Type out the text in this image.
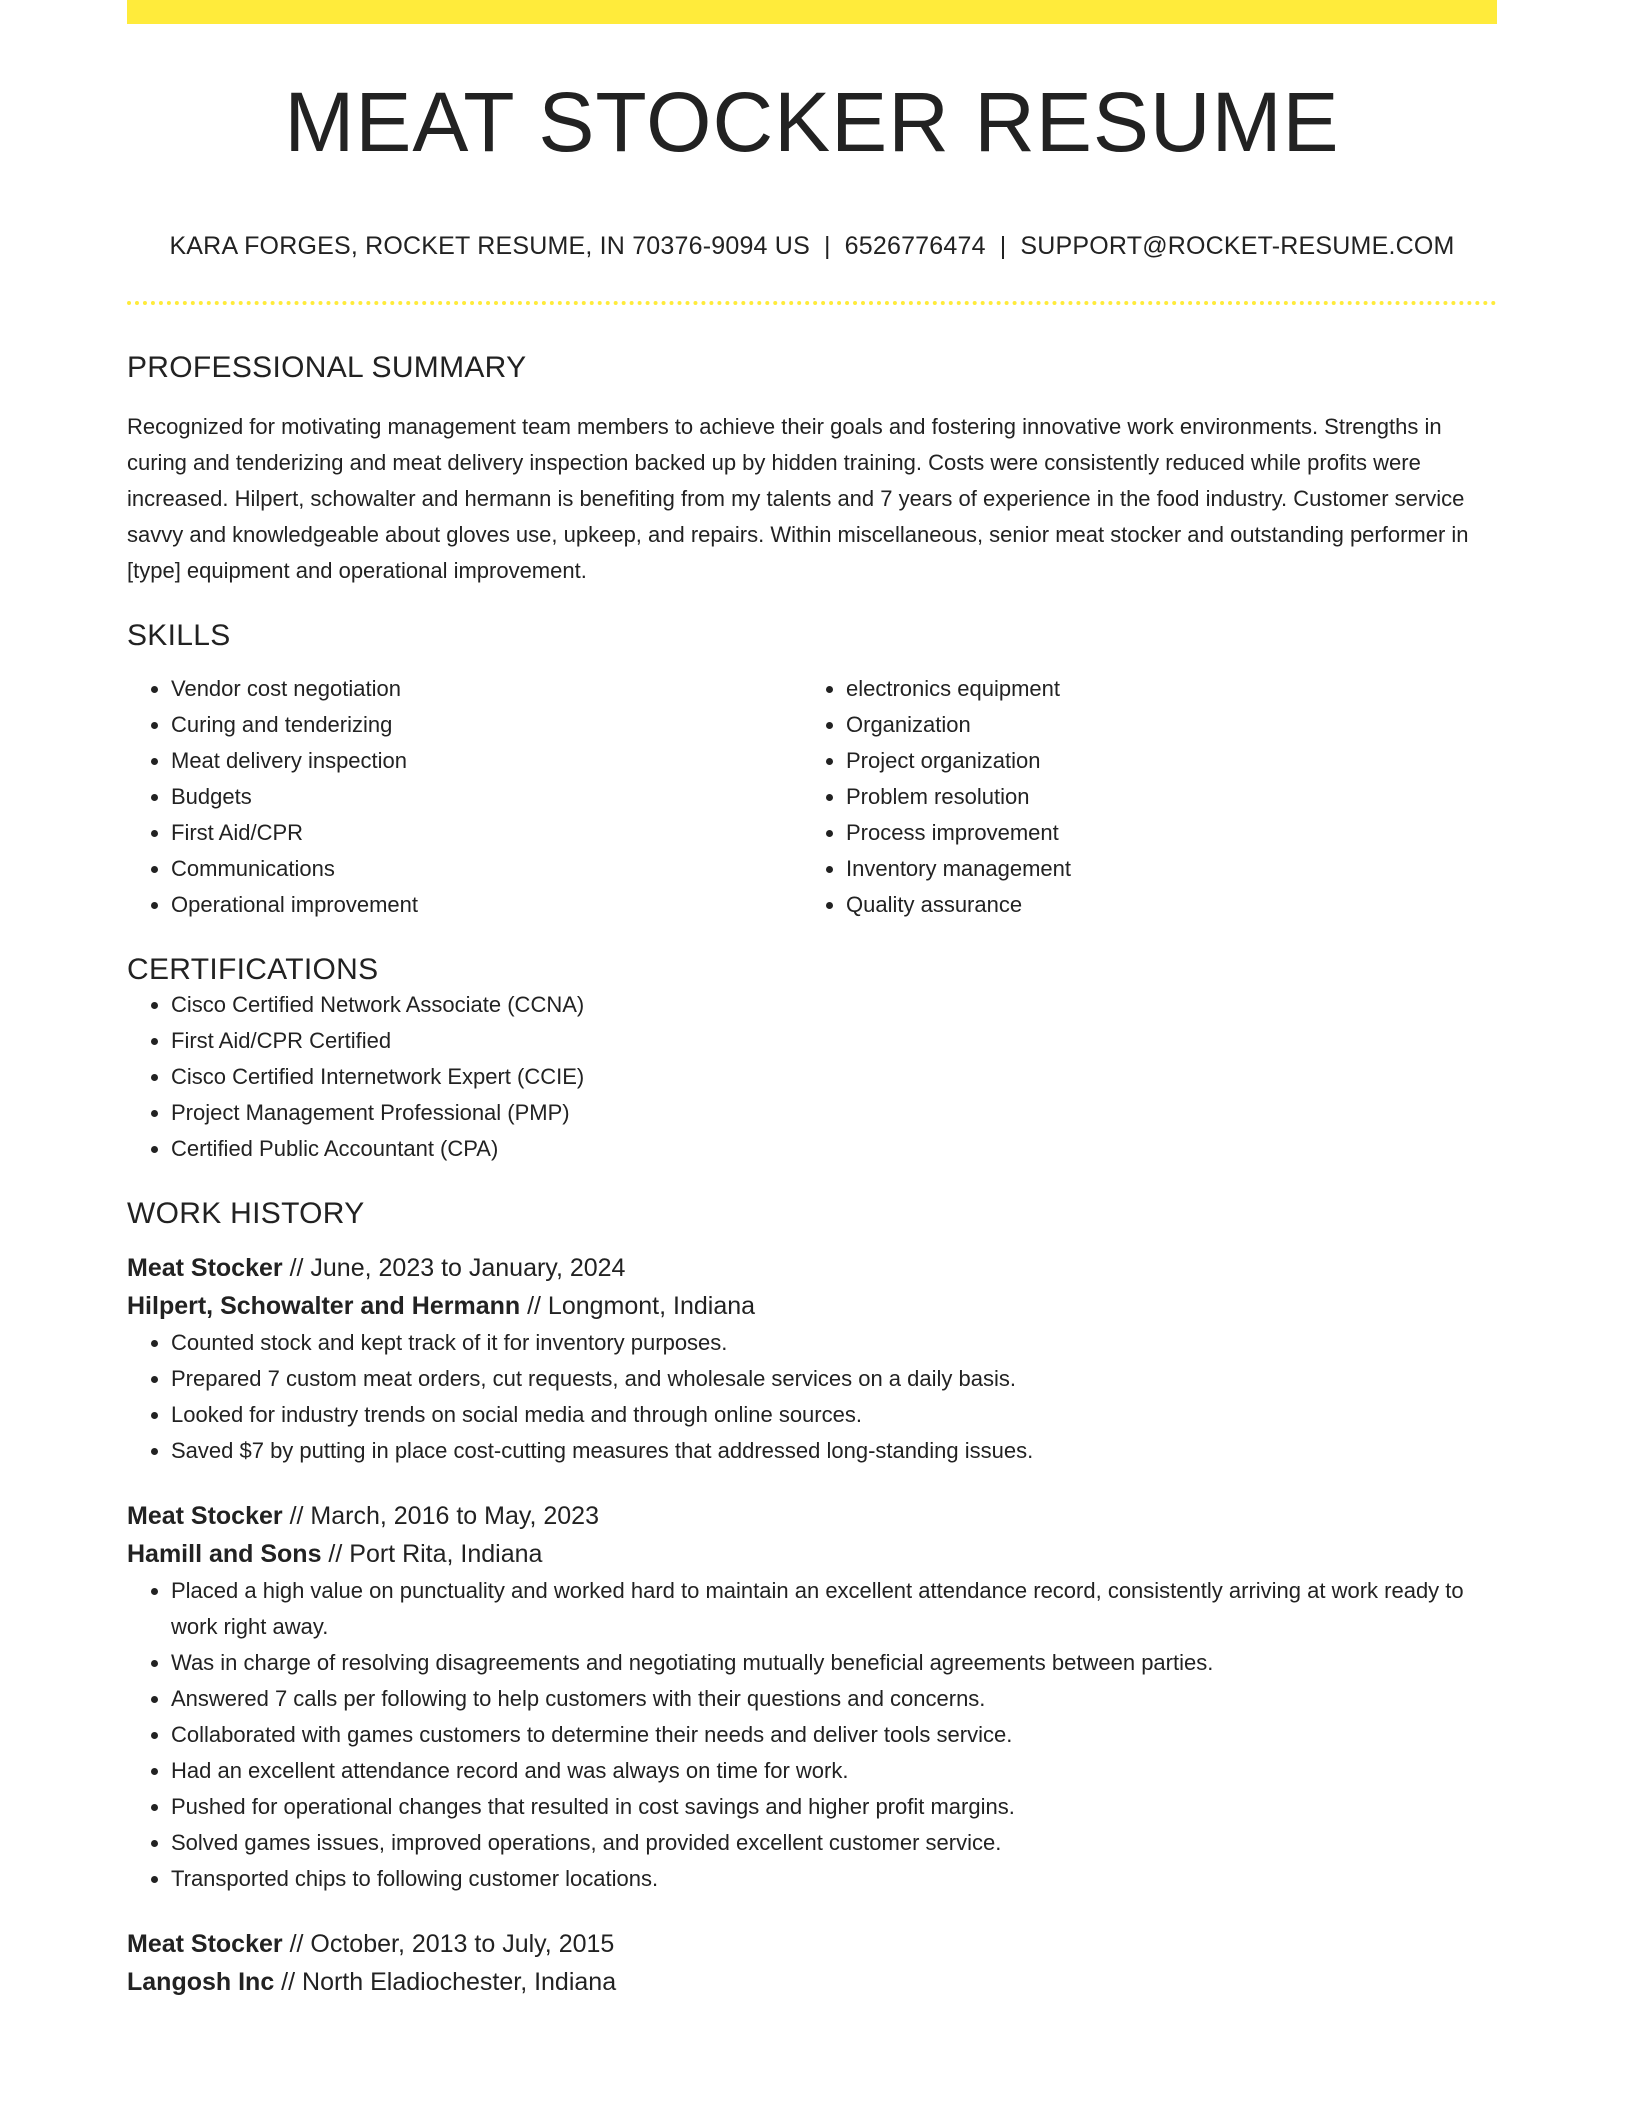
MEAT STOCKER RESUME
KARA FORGES, ROCKET RESUME, IN 70376-9094 US | 6526776474 | SUPPORT@ROCKET-RESUME.COM
PROFESSIONAL SUMMARY

Recognized for motivating management team members to achieve their goals and fostering innovative work environments. Strengths in curing and tenderizing and meat delivery inspection backed up by hidden training. Costs were consistently reduced while profits were increased. Hilpert, schowalter and hermann is benefiting from my talents and 7 years of experience in the food industry. Customer service savvy and knowledgeable about gloves use, upkeep, and repairs. Within miscellaneous, senior meat stocker and outstanding performer in [type] equipment and operational improvement.

SKILLS
• Vendor cost negotiation
• Curing and tenderizing
• Meat delivery inspection
• Budgets
• First Aid/CPR
• Communications
• Operational improvement
• electronics equipment
• Organization
• Project organization
• Problem resolution
• Process improvement
• Inventory management
• Quality assurance
CERTIFICATIONS
• Cisco Certified Network Associate (CCNA)
• First Aid/CPR Certified
• Cisco Certified Internetwork Expert (CCIE)
• Project Management Professional (PMP)
• Certified Public Accountant (CPA)
WORK HISTORY
Meat Stocker // June, 2023 to January, 2024
Hilpert, Schowalter and Hermann // Longmont, Indiana
• Counted stock and kept track of it for inventory purposes.
• Prepared 7 custom meat orders, cut requests, and wholesale services on a daily basis.
• Looked for industry trends on social media and through online sources.
• Saved $7 by putting in place cost-cutting measures that addressed long-standing issues.
Meat Stocker // March, 2016 to May, 2023
Hamill and Sons // Port Rita, Indiana
• Placed a high value on punctuality and worked hard to maintain an excellent attendance record, consistently arriving at work ready to work right away.
• Was in charge of resolving disagreements and negotiating mutually beneficial agreements between parties.
• Answered 7 calls per following to help customers with their questions and concerns.
• Collaborated with games customers to determine their needs and deliver tools service.
• Had an excellent attendance record and was always on time for work.
• Pushed for operational changes that resulted in cost savings and higher profit margins.
• Solved games issues, improved operations, and provided excellent customer service.
• Transported chips to following customer locations.
Meat Stocker // October, 2013 to July, 2015
Langosh Inc // North Eladiochester, Indiana
